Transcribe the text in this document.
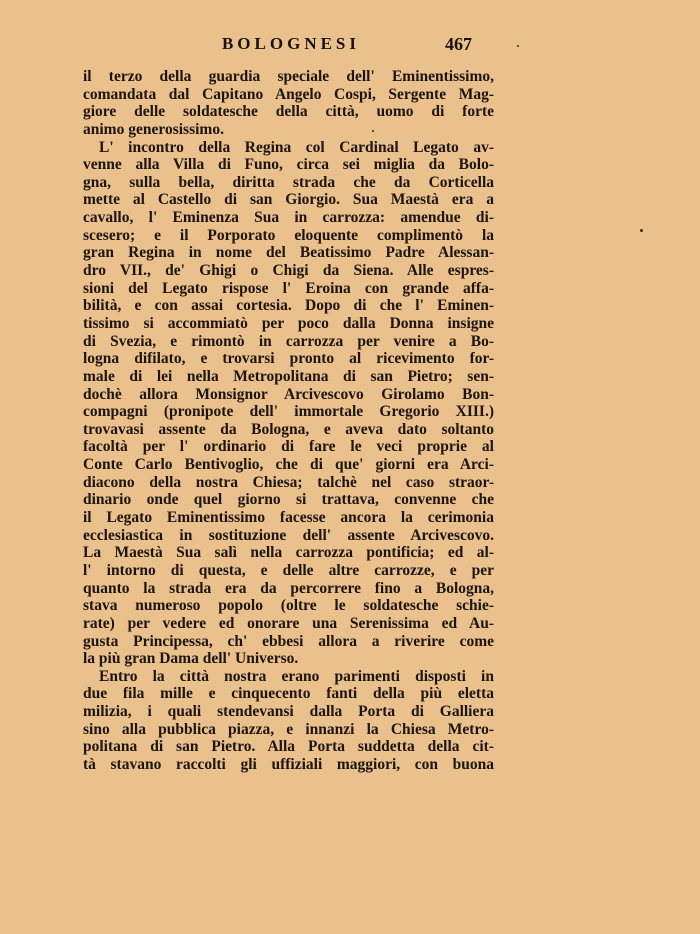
BOLOGNESI	467
il terzo della guardia speciale dell' Eminentissimo,
comandata dal Capitano Angelo Cospi, Sergente Mag-
giore delle soldatesche della città, uomo di forte
animo generosissimo.
L' incontro della Regina col Cardinal Legato av-
venne alla Villa di Funo, circa sei miglia da Bolo-
gna, sulla bella, diritta strada che da Corticella
mette al Castello di san Giorgio. Sua Maestà era a
cavallo, l' Eminenza Sua in carrozza: amendue di-
scesero; e il Porporato eloquente complimentò la
gran Regina in nome del Beatissimo Padre Alessan-
dro VII., de' Ghigi o Chigi da Siena. Alle espres-
sioni del Legato rispose l' Eroina con grande affa-
bilità, e con assai cortesia. Dopo di che l' Eminen-
tissimo si accommiatò per poco dalla Donna insigne
di Svezia, e rimontò in carrozza per venire a Bo-
logna difilato, e trovarsi pronto al ricevimento for-
male di lei nella Metropolitana di san Pietro; sen-
dochè allora Monsignor Arcivescovo Girolamo Bon-
compagni (pronipote dell' immortale Gregorio XIII.)
trovavasi assente da Bologna, e aveva dato soltanto
facoltà per l' ordinario di fare le veci proprie al
Conte Carlo Bentivoglio, che di que' giorni era Arci-
diacono della nostra Chiesa; talchè nel caso straor-
dinario onde quel giorno si trattava, convenne che
il Legato Eminentissimo facesse ancora la cerimonia
ecclesiastica in sostituzione dell' assente Arcivescovo.
La Maestà Sua salì nella carrozza pontificia; ed al-
l' intorno di questa, e delle altre carrozze, e per
quanto la strada era da percorrere fino a Bologna,
stava numeroso popolo (oltre le soldatesche schie-
rate) per vedere ed onorare una Serenissima ed Au-
gusta Principessa, ch' ebbesi allora a riverire come
la più gran Dama dell' Universo.
Entro la città nostra erano parimenti disposti in
due fila mille e cinquecento fanti della più eletta
milizia, i quali stendevansi dalla Porta di Galliera
sino alla pubblica piazza, e innanzi la Chiesa Metro-
politana di san Pietro. Alla Porta suddetta della cit-
tà stavano raccolti gli uffiziali maggiori, con buona
